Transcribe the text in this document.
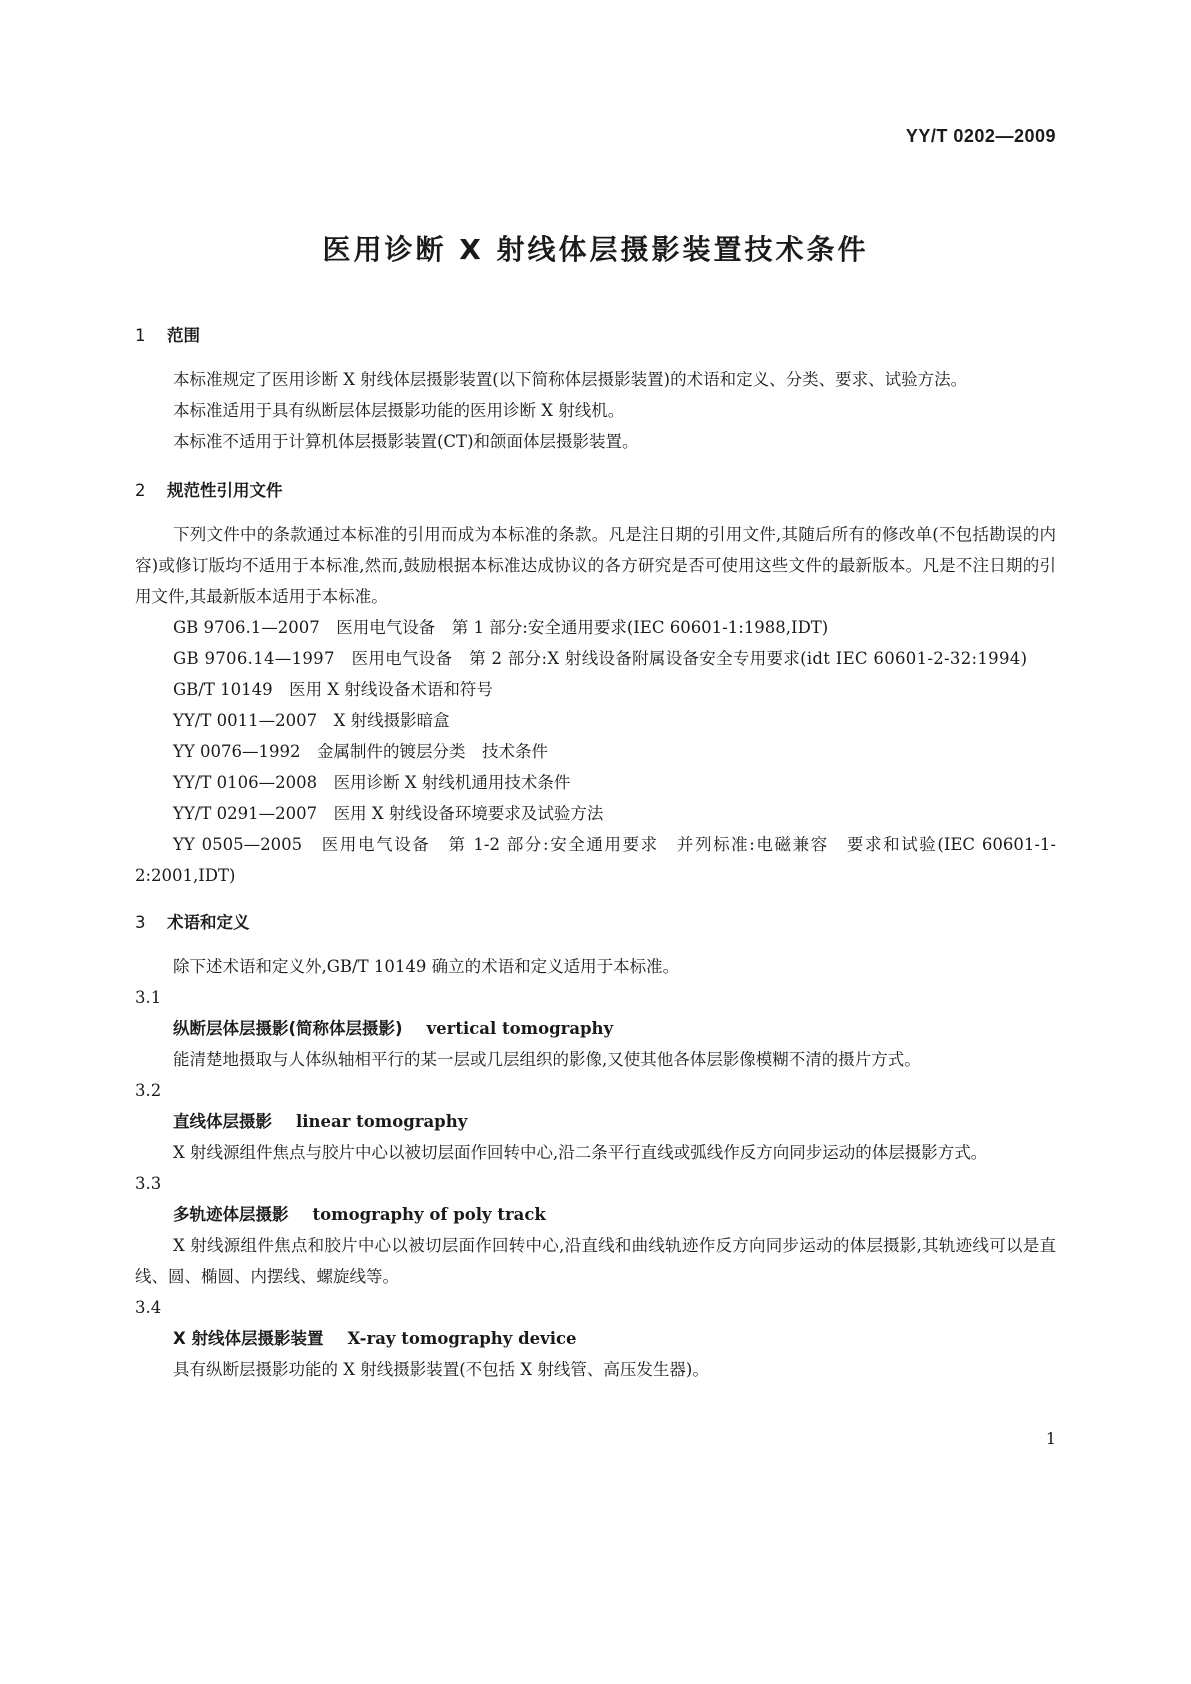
YY/T 0202—2009
医用诊断 X 射线体层摄影装置技术条件
1 范围

本标准规定了医用诊断 X 射线体层摄影装置(以下简称体层摄影装置)的术语和定义、分类、要求、试验方法。

本标准适用于具有纵断层体层摄影功能的医用诊断 X 射线机。

本标准不适用于计算机体层摄影装置(CT)和颌面体层摄影装置。

2 规范性引用文件

下列文件中的条款通过本标准的引用而成为本标准的条款。凡是注日期的引用文件,其随后所有的修改单(不包括勘误的内容)或修订版均不适用于本标准,然而,鼓励根据本标准达成协议的各方研究是否可使用这些文件的最新版本。凡是不注日期的引用文件,其最新版本适用于本标准。

GB 9706.1—2007　医用电气设备　第 1 部分:安全通用要求(IEC 60601-1:1988,IDT)

GB 9706.14—1997　医用电气设备　第 2 部分:X 射线设备附属设备安全专用要求(idt IEC 60601-2-32:1994)

GB/T 10149　医用 X 射线设备术语和符号

YY/T 0011—2007　X 射线摄影暗盒

YY 0076—1992　金属制件的镀层分类　技术条件

YY/T 0106—2008　医用诊断 X 射线机通用技术条件

YY/T 0291—2007　医用 X 射线设备环境要求及试验方法

YY 0505—2005　医用电气设备　第 1-2 部分:安全通用要求　并列标准:电磁兼容　要求和试验(IEC 60601-1-2:2001,IDT)

3 术语和定义

除下述术语和定义外,GB/T 10149 确立的术语和定义适用于本标准。

3.1
纵断层体层摄影(简称体层摄影) vertical tomography

能清楚地摄取与人体纵轴相平行的某一层或几层组织的影像,又使其他各体层影像模糊不清的摄片方式。

3.2
直线体层摄影 linear tomography

X 射线源组件焦点与胶片中心以被切层面作回转中心,沿二条平行直线或弧线作反方向同步运动的体层摄影方式。

3.3
多轨迹体层摄影 tomography of poly track

X 射线源组件焦点和胶片中心以被切层面作回转中心,沿直线和曲线轨迹作反方向同步运动的体层摄影,其轨迹线可以是直线、圆、椭圆、内摆线、螺旋线等。

3.4
X 射线体层摄影装置 X-ray tomography device

具有纵断层摄影功能的 X 射线摄影装置(不包括 X 射线管、高压发生器)。

1
